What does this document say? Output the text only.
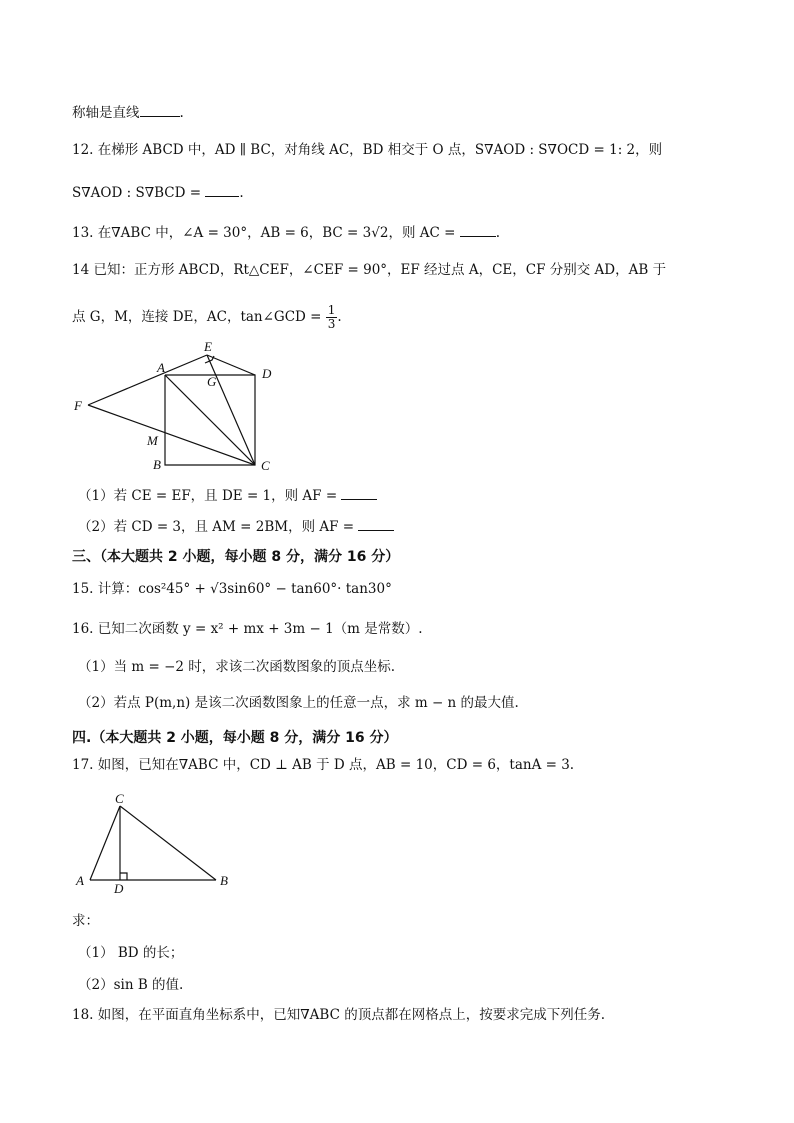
称轴是直线	.
12. 在梯形 ABCD 中，AD ∥ BC，对角线 AC，BD 相交于 O 点，S∇AOD : S∇OCD = 1: 2，则
S∇AOD : S∇BCD =	.
13. 在∇ABC 中，∠A = 30°，AB = 6，BC = 3√2，则 AC =	.
14 已知：正方形 ABCD，Rt△CEF，∠CEF = 90°，EF 经过点 A，CE，CF 分别交 AD，AB 于
点 G，M，连接 DE，AC，tan∠GCD = $\frac{1}{3}$ .
E
A	D
G
F
M
B	C
（1）若 CE = EF，且 DE = 1，则 AF =
（2）若 CD = 3，且 AM = 2BM，则 AF =
三、（本大题共 2 小题，每小题 8 分，满分 16 分）
15. 计算：cos²45° + √3sin60° − tan60°· tan30°
16. 已知二次函数 y = x² + mx + 3m − 1（m 是常数）.
（1）当 m = −2 时，求该二次函数图象的顶点坐标.
（2）若点 P(m,n) 是该二次函数图象上的任意一点，求 m − n 的最大值.
四.（本大题共 2 小题，每小题 8 分，满分 16 分）
17. 如图，已知在∇ABC 中，CD ⊥ AB 于 D 点，AB = 10，CD = 6，tanA = 3.
C
A
D
B
求：
（1） BD 的长；
（2）sin B 的值.
18. 如图，在平面直角坐标系中，已知∇ABC 的顶点都在网格点上，按要求完成下列任务.
